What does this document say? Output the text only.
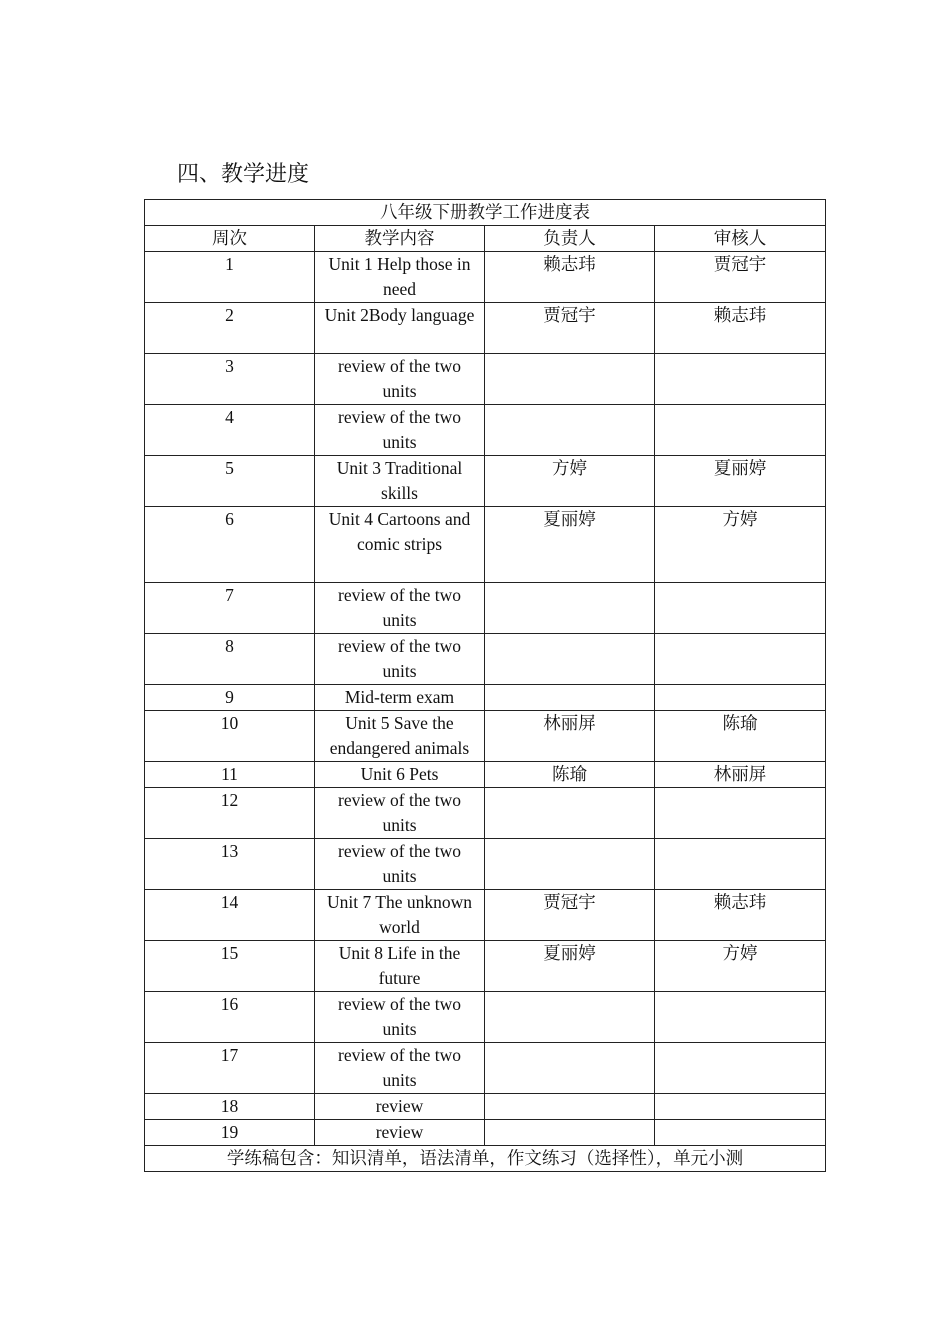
四、教学进度
八年级下册教学工作进度表			
周次	教学内容	负责人	审核人
1	Unit 1 Help those in need	赖志玮	贾冠宇
2	Unit 2Body language	贾冠宇	赖志玮
3	review of the two units		
4	review of the two units		
5	Unit 3 Traditional skills	方婷	夏丽婷
6	Unit 4 Cartoons and comic strips	夏丽婷	方婷
7	review of the two units		
8	review of the two units		
9	Mid-term exam		
10	Unit 5 Save the endangered animals	林丽屏	陈瑜
11	Unit 6 Pets	陈瑜	林丽屏
12	review of the two units		
13	review of the two units		
14	Unit 7 The unknown world	贾冠宇	赖志玮
15	Unit 8 Life in the future	夏丽婷	方婷
16	review of the two units		
17	review of the two units		
18	review		
19	review		
学练稿包含：知识清单，语法清单，作文练习（选择性），单元小测			
